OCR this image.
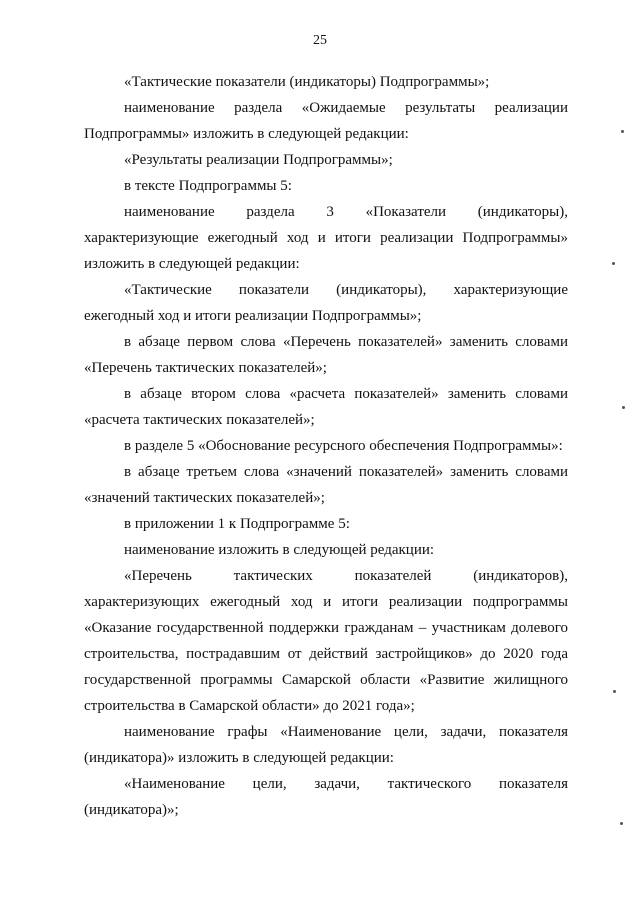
25

«Тактические показатели (индикаторы) Подпрограммы»;

наименование раздела «Ожидаемые результаты реализации Подпрограммы» изложить в следующей редакции:

«Результаты реализации Подпрограммы»;

в тексте Подпрограммы 5:

наименование раздела 3 «Показатели (индикаторы), характеризующие ежегодный ход и итоги реализации Подпрограммы» изложить в следующей редакции:

«Тактические показатели (индикаторы), характеризующие ежегодный ход и итоги реализации Подпрограммы»;

в абзаце первом слова «Перечень показателей» заменить словами «Перечень тактических показателей»;

в абзаце втором слова «расчета показателей» заменить словами «расчета тактических показателей»;

в разделе 5 «Обоснование ресурсного обеспечения Подпрограммы»:

в абзаце третьем слова «значений показателей» заменить словами «значений тактических показателей»;

в приложении 1 к Подпрограмме 5:

наименование изложить в следующей редакции:

«Перечень тактических показателей (индикаторов), характеризующих ежегодный ход и итоги реализации подпрограммы «Оказание государственной поддержки гражданам – участникам долевого строительства, пострадавшим от действий застройщиков» до 2020 года государственной программы Самарской области «Развитие жилищного строительства в Самарской области» до 2021 года»;

наименование графы «Наименование цели, задачи, показателя (индикатора)» изложить в следующей редакции:

«Наименование цели, задачи, тактического показателя (индикатора)»;
